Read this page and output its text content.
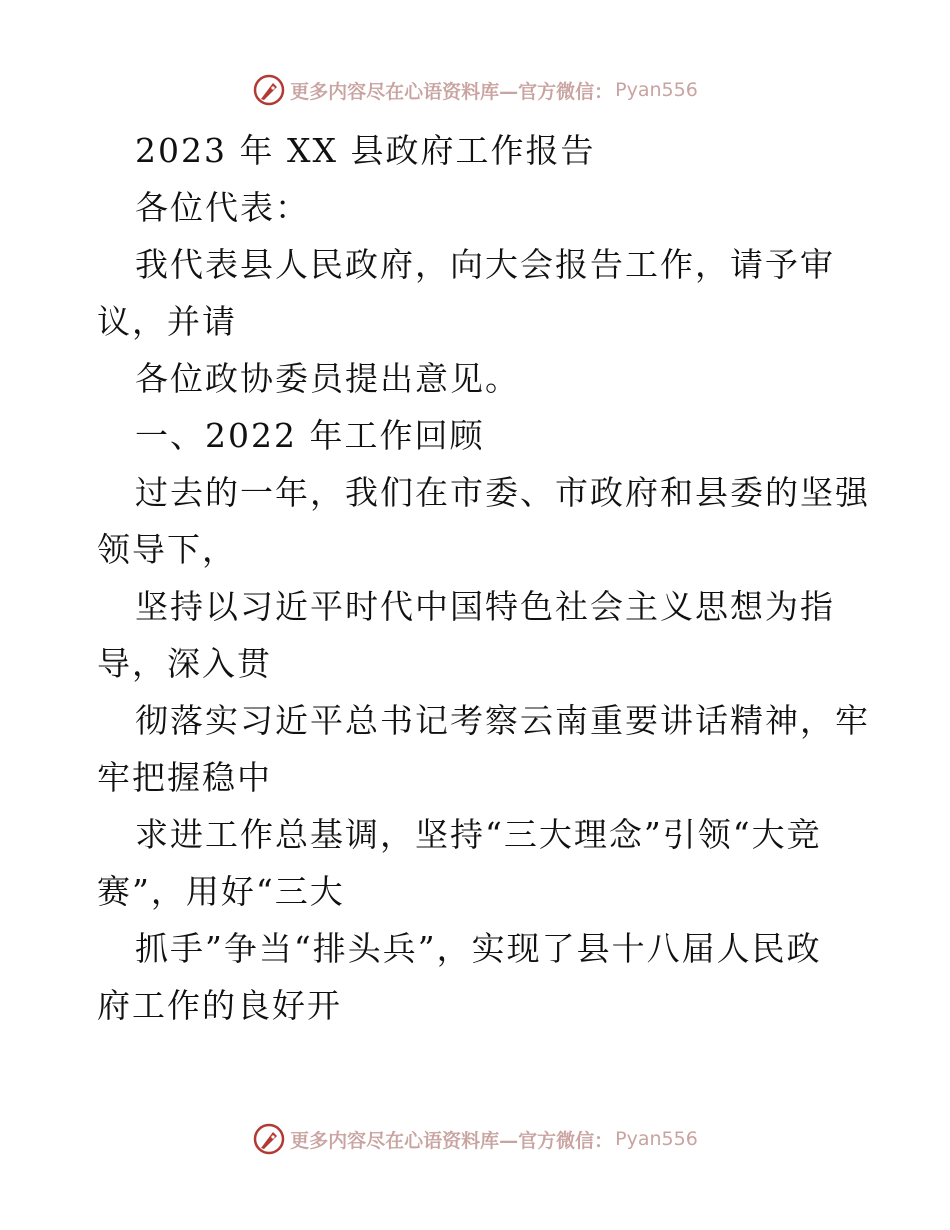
更多内容尽在心语资料库—官方微信： Pyan556

2023 年 XX 县政府工作报告

各位代表：

我代表县人民政府，向大会报告工作，请予审
议，并请

各位政协委员提出意见。

一、2022 年工作回顾

过去的一年，我们在市委、市政府和县委的坚强
领导下，

坚持以习近平时代中国特色社会主义思想为指
导，深入贯

彻落实习近平总书记考察云南重要讲话精神，牢
牢把握稳中

求进工作总基调，坚持“三大理念”引领“大竞
赛”，用好“三大

抓手”争当“排头兵”，实现了县十八届人民政
府工作的良好开

更多内容尽在心语资料库—官方微信： Pyan556
